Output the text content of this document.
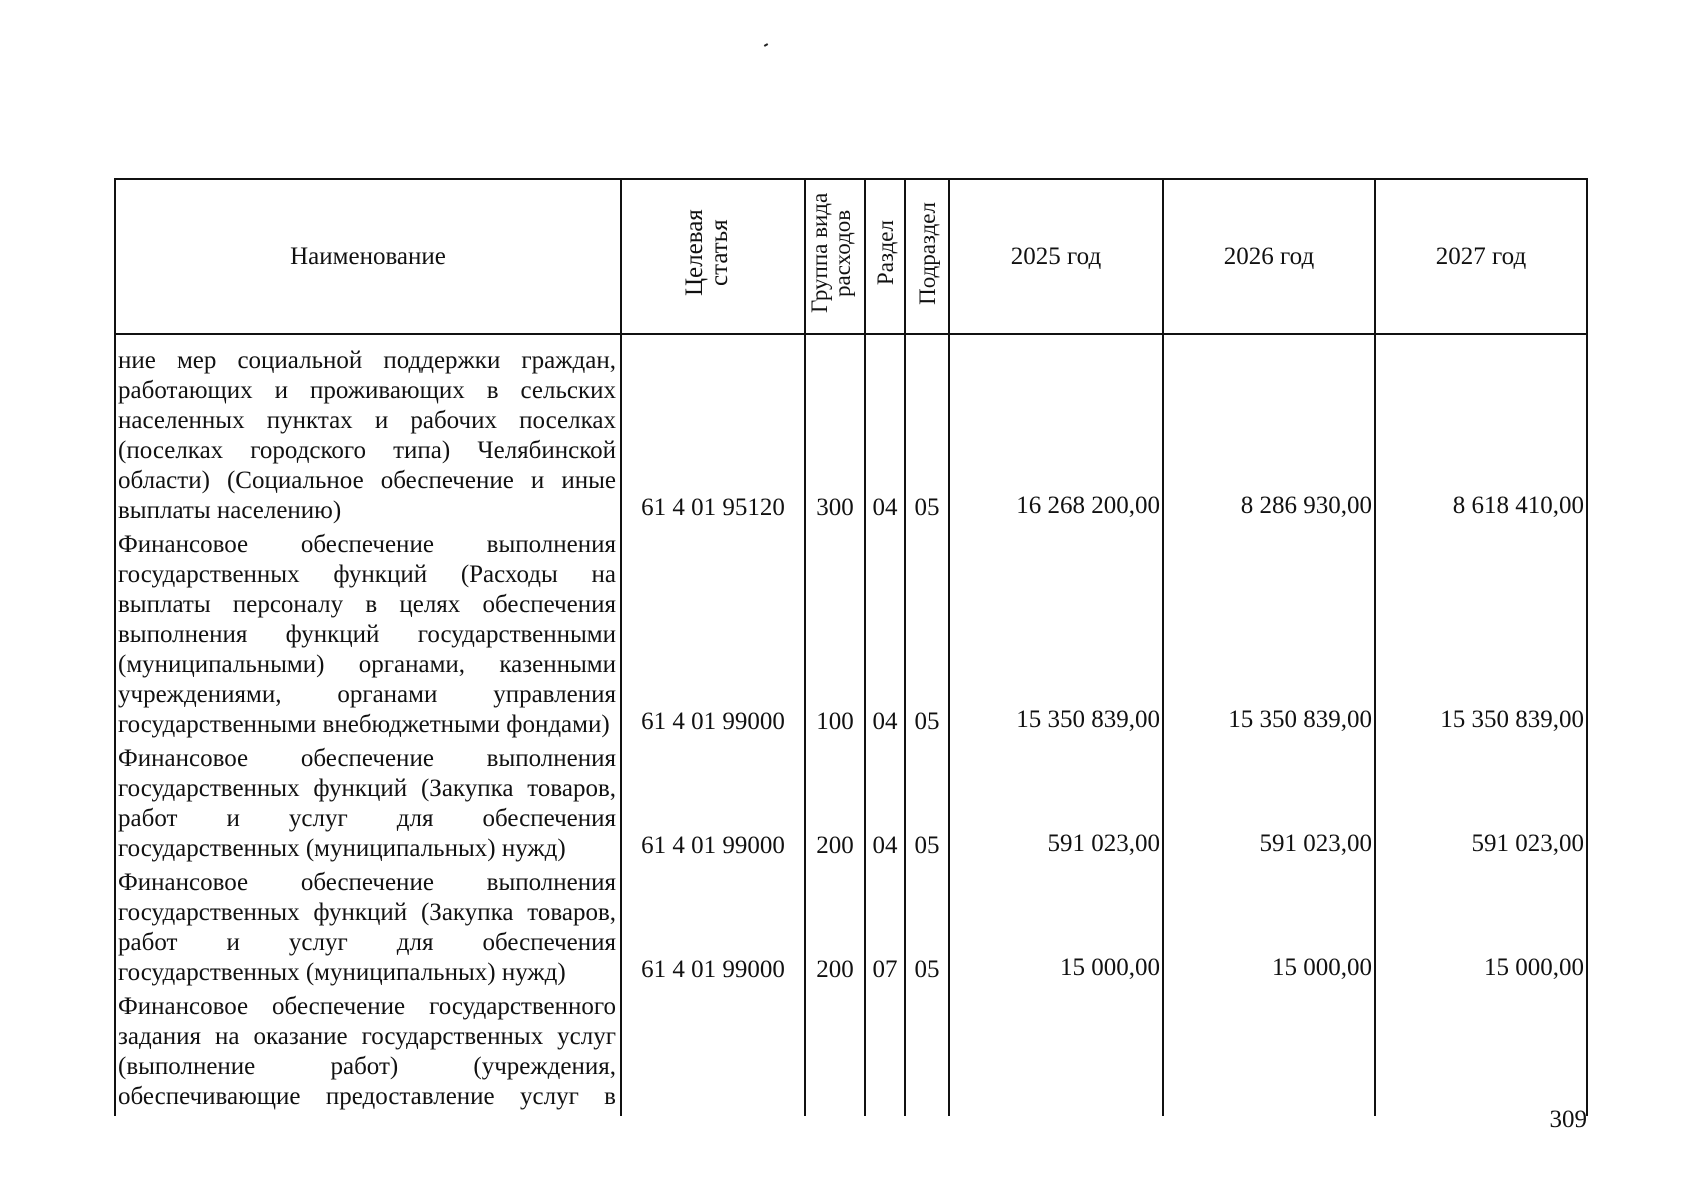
Наименование	Целевая статья	Группа вида расходов	Раздел	Подраздел	2025 год	2026 год	2027 год
ние мер социальной поддержки граждан, работающих и проживающих в сельских населенных пунктах и рабочих поселках (поселках городского типа) Челябинской области) (Социальное обеспечение и иные выплаты населению)	61 4 01 95120	300	04	05	16 268 200,00	8 286 930,00	8 618 410,00
Финансовое обеспечение выполнения государственных функций (Расходы на выплаты персоналу в целях обеспечения выполнения функций государственными (муниципальными) органами, казенными учреждениями, органами управления государственными внебюджетными фондами)	61 4 01 99000	100	04	05	15 350 839,00	15 350 839,00	15 350 839,00
Финансовое обеспечение выполнения государственных функций (Закупка товаров, работ и услуг для обеспечения государственных (муниципальных) нужд)	61 4 01 99000	200	04	05	591 023,00	591 023,00	591 023,00
Финансовое обеспечение выполнения государственных функций (Закупка товаров, работ и услуг для обеспечения государственных (муниципальных) нужд)	61 4 01 99000	200	07	05	15 000,00	15 000,00	15 000,00
Финансовое обеспечение государственного задания на оказание государственных услуг (выполнение работ) (учреждения, обеспечивающие предоставление услуг в							
309
